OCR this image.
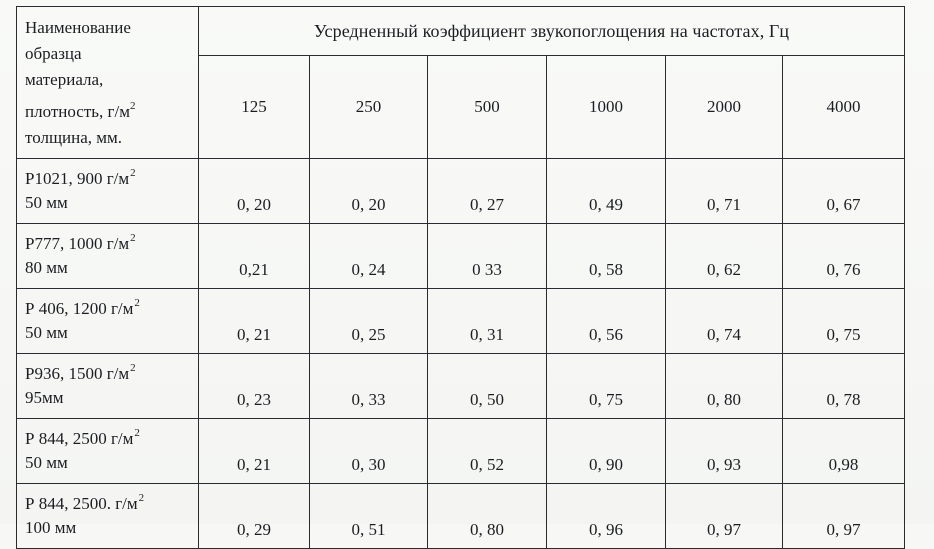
Наименование
образца
материала,
плотность, $г/м^2$
толщина, мм.	Усредненный коэффициент звукопоглощения на частотах, Гц					
	125	250	500	1000	2000	4000

Р1021, 900 $г/м^2$
50 мм	0, 20	0, 20	0, 27	0, 49	0, 71	0, 67

Р777, 1000 $г/м^2$
80 мм	0,21	0, 24	0 33	0, 58	0, 62	0, 76

Р 406, 1200 $г/м^2$
50 мм	0, 21	0, 25	0, 31	0, 56	0, 74	0, 75

Р936, 1500 $г/м^2$
95мм	0, 23	0, 33	0, 50	0, 75	0, 80	0, 78

Р 844, 2500 $г/м^2$
50 мм	0, 21	0, 30	0, 52	0, 90	0, 93	0,98

Р 844, 2500. $г/м^2$
100 мм	0, 29	0, 51	0, 80	0, 96	0, 97	0, 97
